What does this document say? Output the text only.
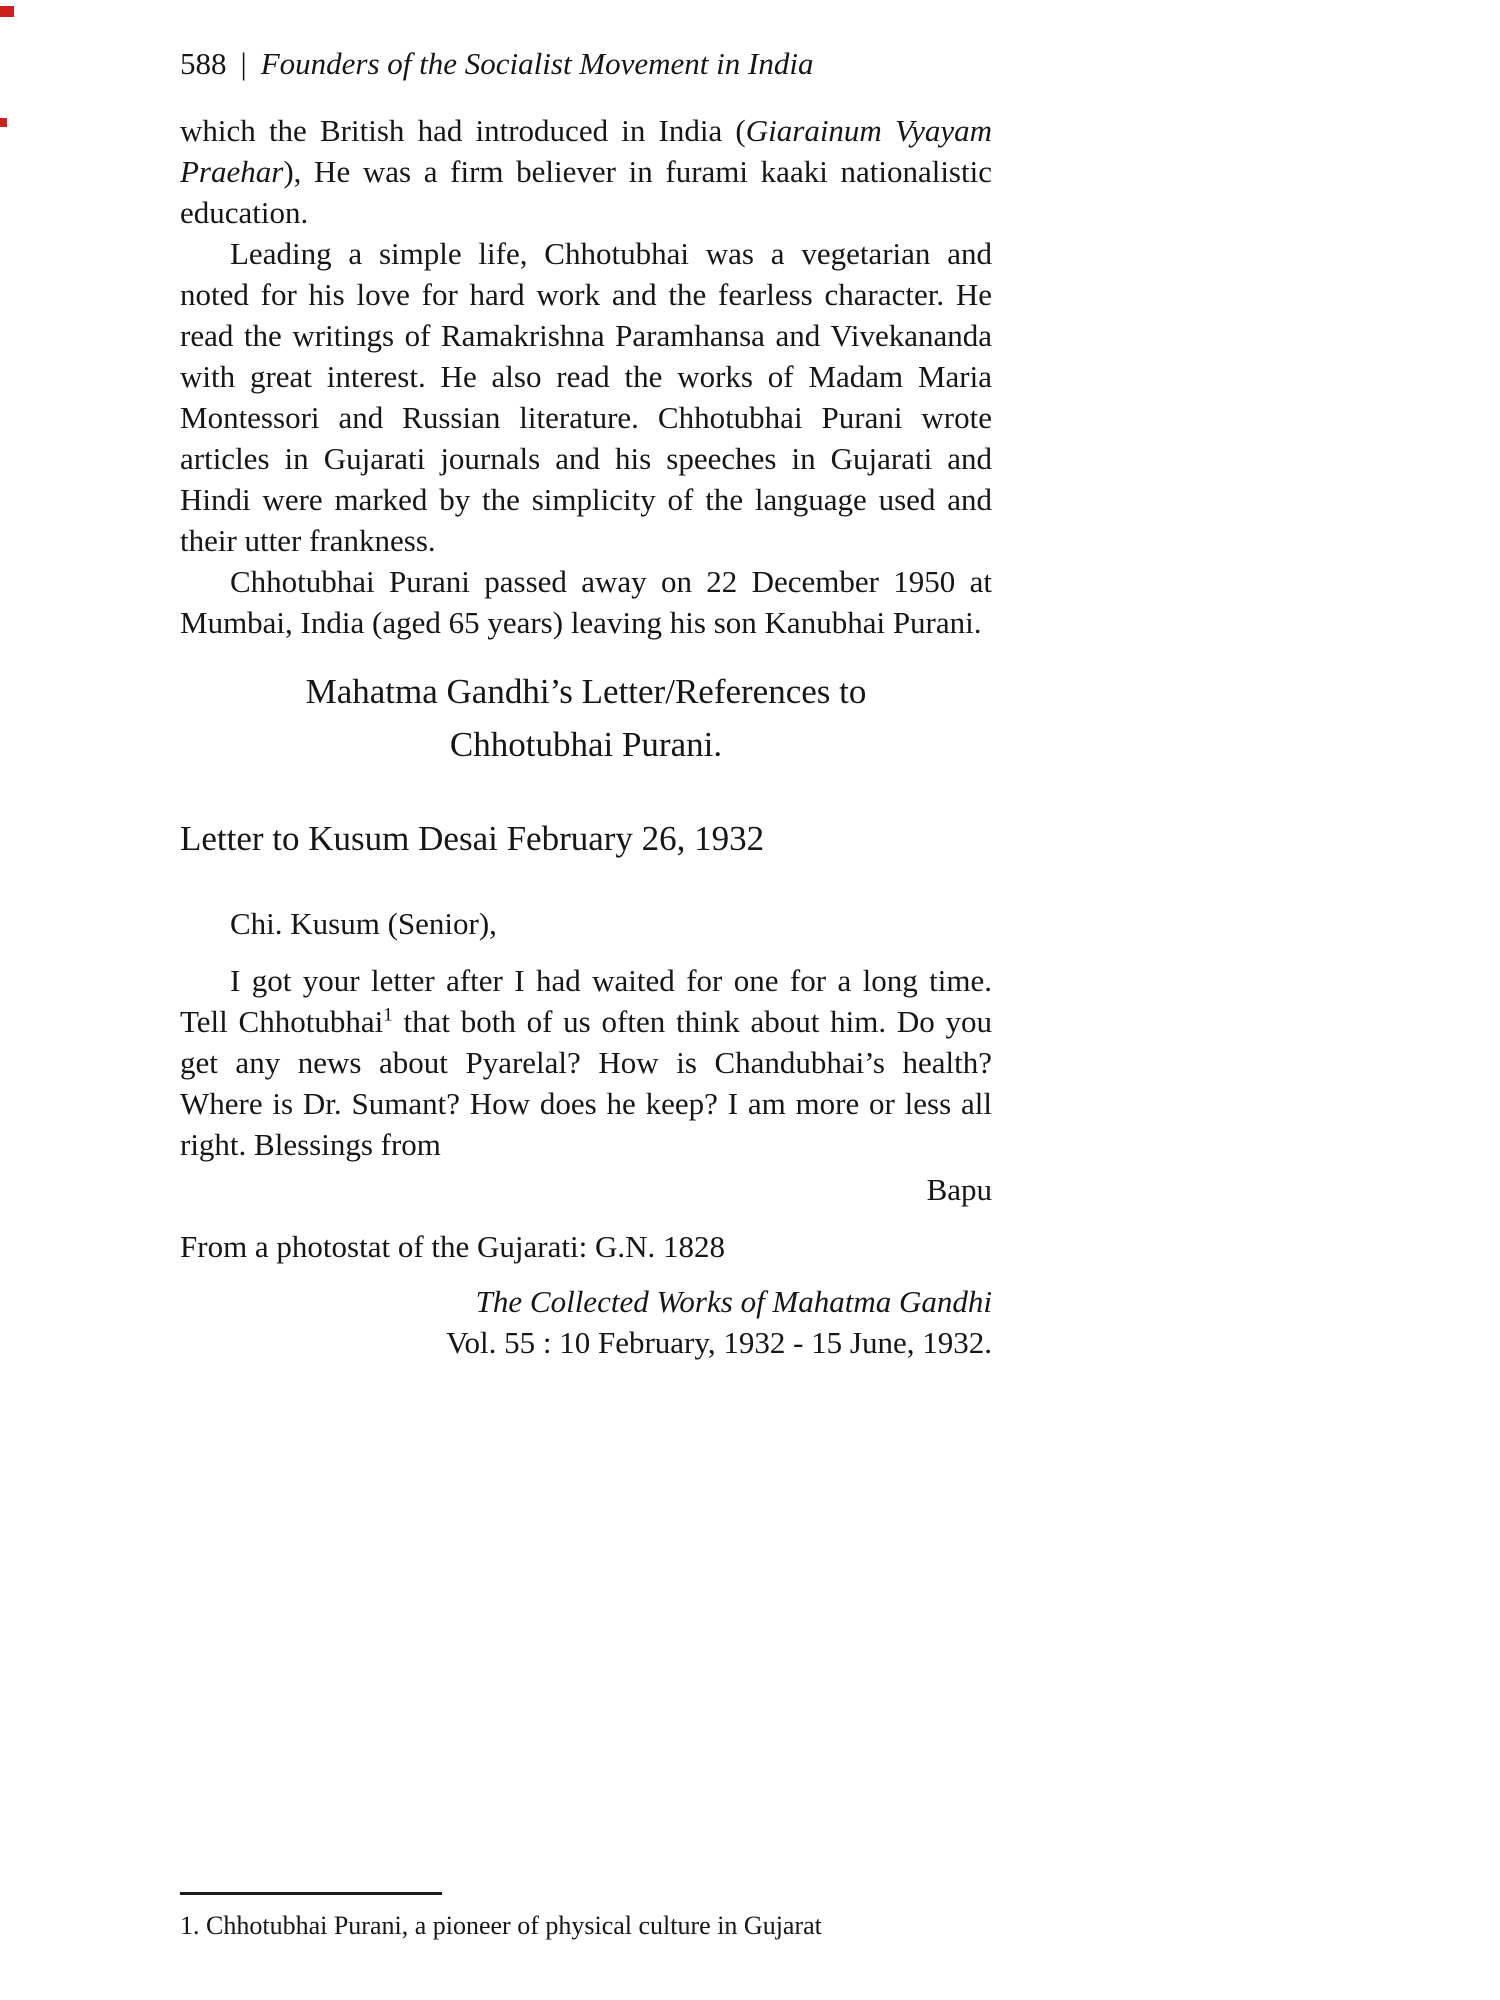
588 | Founders of the Socialist Movement in India

which the British had introduced in India (Giarainum Vyayam Praehar), He was a firm believer in furami kaaki nationalistic education.

Leading a simple life, Chhotubhai was a vegetarian and noted for his love for hard work and the fearless character. He read the writings of Ramakrishna Paramhansa and Vivekananda with great interest. He also read the works of Madam Maria Montessori and Russian literature. Chhotubhai Purani wrote articles in Gujarati journals and his speeches in Gujarati and Hindi were marked by the simplicity of the language used and their utter frankness.

Chhotubhai Purani passed away on 22 December 1950 at Mumbai, India (aged 65 years) leaving his son Kanubhai Purani.

Mahatma Gandhi’s Letter/References to
Chhotubhai Purani.
Letter to Kusum Desai February 26, 1932

Chi. Kusum (Senior),

I got your letter after I had waited for one for a long time. Tell Chhotubhai$^1$ that both of us often think about him. Do you get any news about Pyarelal? How is Chandubhai’s health? Where is Dr. Sumant? How does he keep? I am more or less all right. Blessings from

Bapu

From a photostat of the Gujarati: G.N. 1828

The Collected Works of Mahatma Gandhi

Vol. 55 : 10 February, 1932 - 15 June, 1932.

1. Chhotubhai Purani, a pioneer of physical culture in Gujarat
